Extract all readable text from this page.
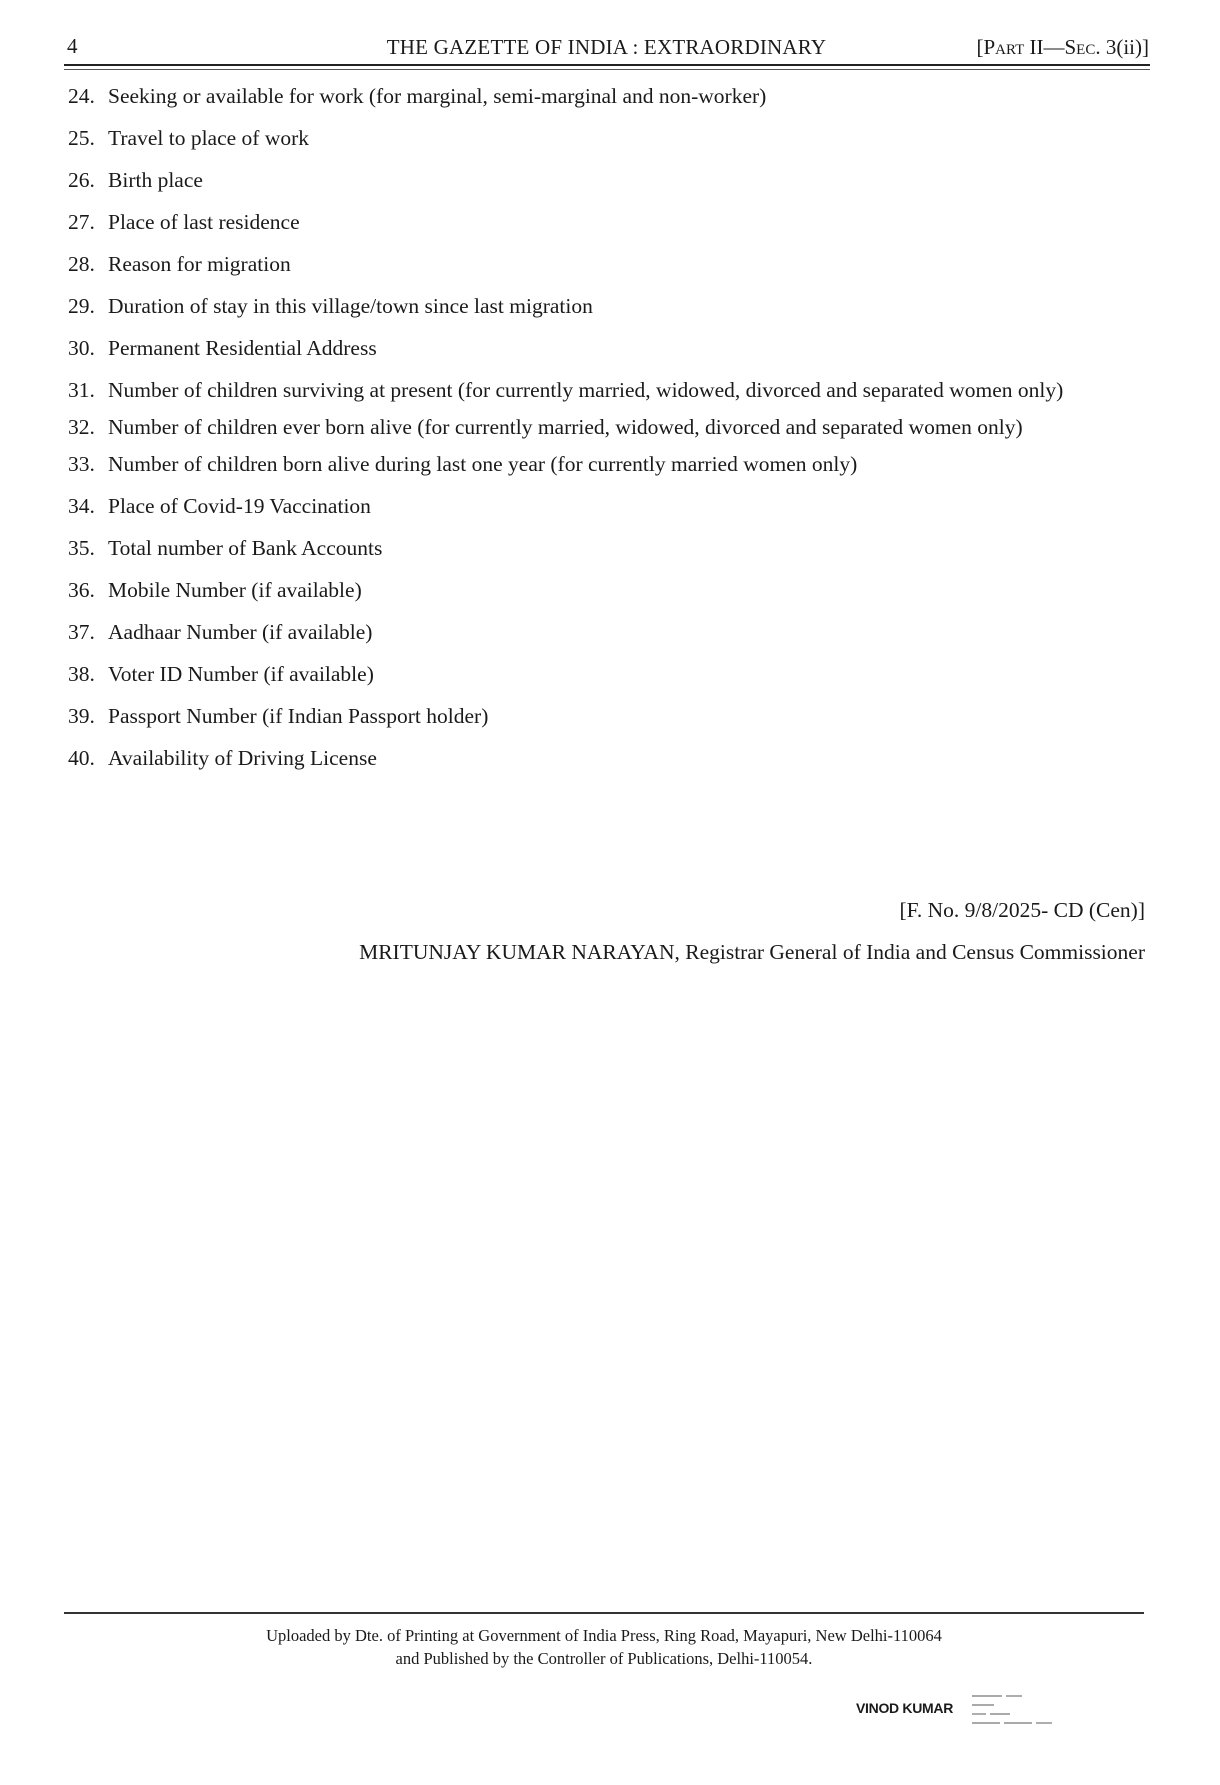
4	THE GAZETTE OF INDIA : EXTRAORDINARY	[Part II—Sec. 3(ii)]
24. Seeking or available for work (for marginal, semi-marginal and non-worker)
25. Travel to place of work
26. Birth place
27. Place of last residence
28. Reason for migration
29. Duration of stay in this village/town since last migration
30. Permanent Residential Address
31. Number of children surviving at present (for currently married, widowed, divorced and separated women only)
32. Number of children ever born alive (for currently married, widowed, divorced and separated women only)
33. Number of children born alive during last one year (for currently married women only)
34. Place of Covid-19 Vaccination
35. Total number of Bank Accounts
36. Mobile Number (if available)
37. Aadhaar Number (if available)
38. Voter ID Number (if available)
39. Passport Number (if Indian Passport holder)
40. Availability of Driving License
[F. No. 9/8/2025- CD (Cen)]
MRITUNJAY KUMAR NARAYAN, Registrar General of India and Census Commissioner
Uploaded by Dte. of Printing at Government of India Press, Ring Road, Mayapuri, New Delhi-110064
and Published by the Controller of Publications, Delhi-110054.
VINOD KUMAR
